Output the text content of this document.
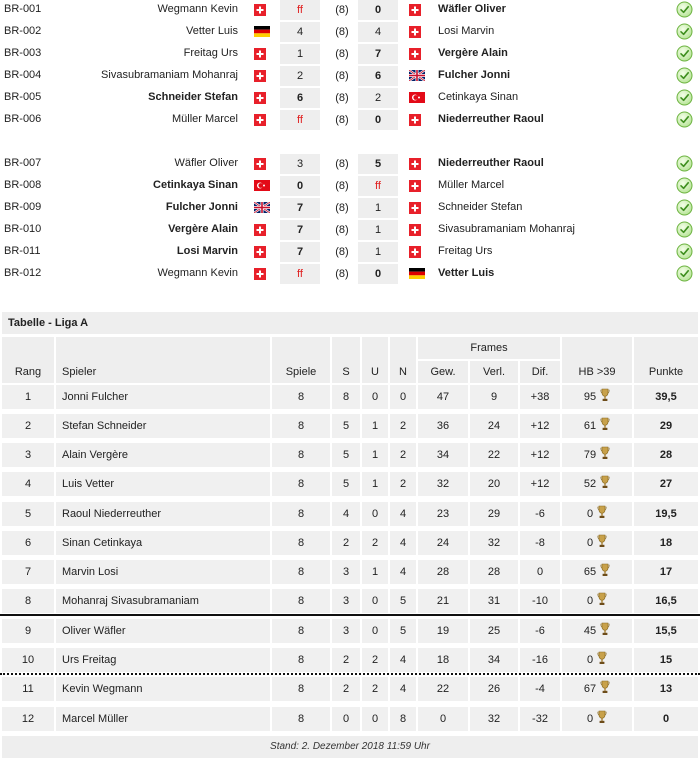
BR-001	Wegmann Kevin	ff	(8)	0	Wäfler Oliver
BR-002	Vetter Luis	4	(8)	4	Losi Marvin
BR-003	Freitag Urs	1	(8)	7	Vergère Alain
BR-004	Sivasubramaniam Mohanraj	2	(8)	6	Fulcher Jonni
BR-005	Schneider Stefan	6	(8)	2	Cetinkaya Sinan
BR-006	Müller Marcel	ff	(8)	0	Niederreuther Raoul
BR-007	Wäfler Oliver	3	(8)	5	Niederreuther Raoul
BR-008	Cetinkaya Sinan	0	(8)	ff	Müller Marcel
BR-009	Fulcher Jonni	7	(8)	1	Schneider Stefan
BR-010	Vergère Alain	7	(8)	1	Sivasubramaniam Mohanraj
BR-011	Losi Marvin	7	(8)	1	Freitag Urs
BR-012	Wegmann Kevin	ff	(8)	0	Vetter Luis
Tabelle - Liga A
Frames
Rang	Spieler	Spiele	S	U	N	Gew.	Verl.	Dif.	HB >39	Punkte
1	Jonni Fulcher	8	8	0	0	47	9	+38	95	39,5
2	Stefan Schneider	8	5	1	2	36	24	+12	61	29
3	Alain Vergère	8	5	1	2	34	22	+12	79	28
4	Luis Vetter	8	5	1	2	32	20	+12	52	27
5	Raoul Niederreuther	8	4	0	4	23	29	-6	0	19,5
6	Sinan Cetinkaya	8	2	2	4	24	32	-8	0	18
7	Marvin Losi	8	3	1	4	28	28	0	65	17
8	Mohanraj Sivasubramaniam	8	3	0	5	21	31	-10	0	16,5
9	Oliver Wäfler	8	3	0	5	19	25	-6	45	15,5
10	Urs Freitag	8	2	2	4	18	34	-16	0	15
11	Kevin Wegmann	8	2	2	4	22	26	-4	67	13
12	Marcel Müller	8	0	0	8	0	32	-32	0	0
Stand: 2. Dezember 2018 11:59 Uhr
